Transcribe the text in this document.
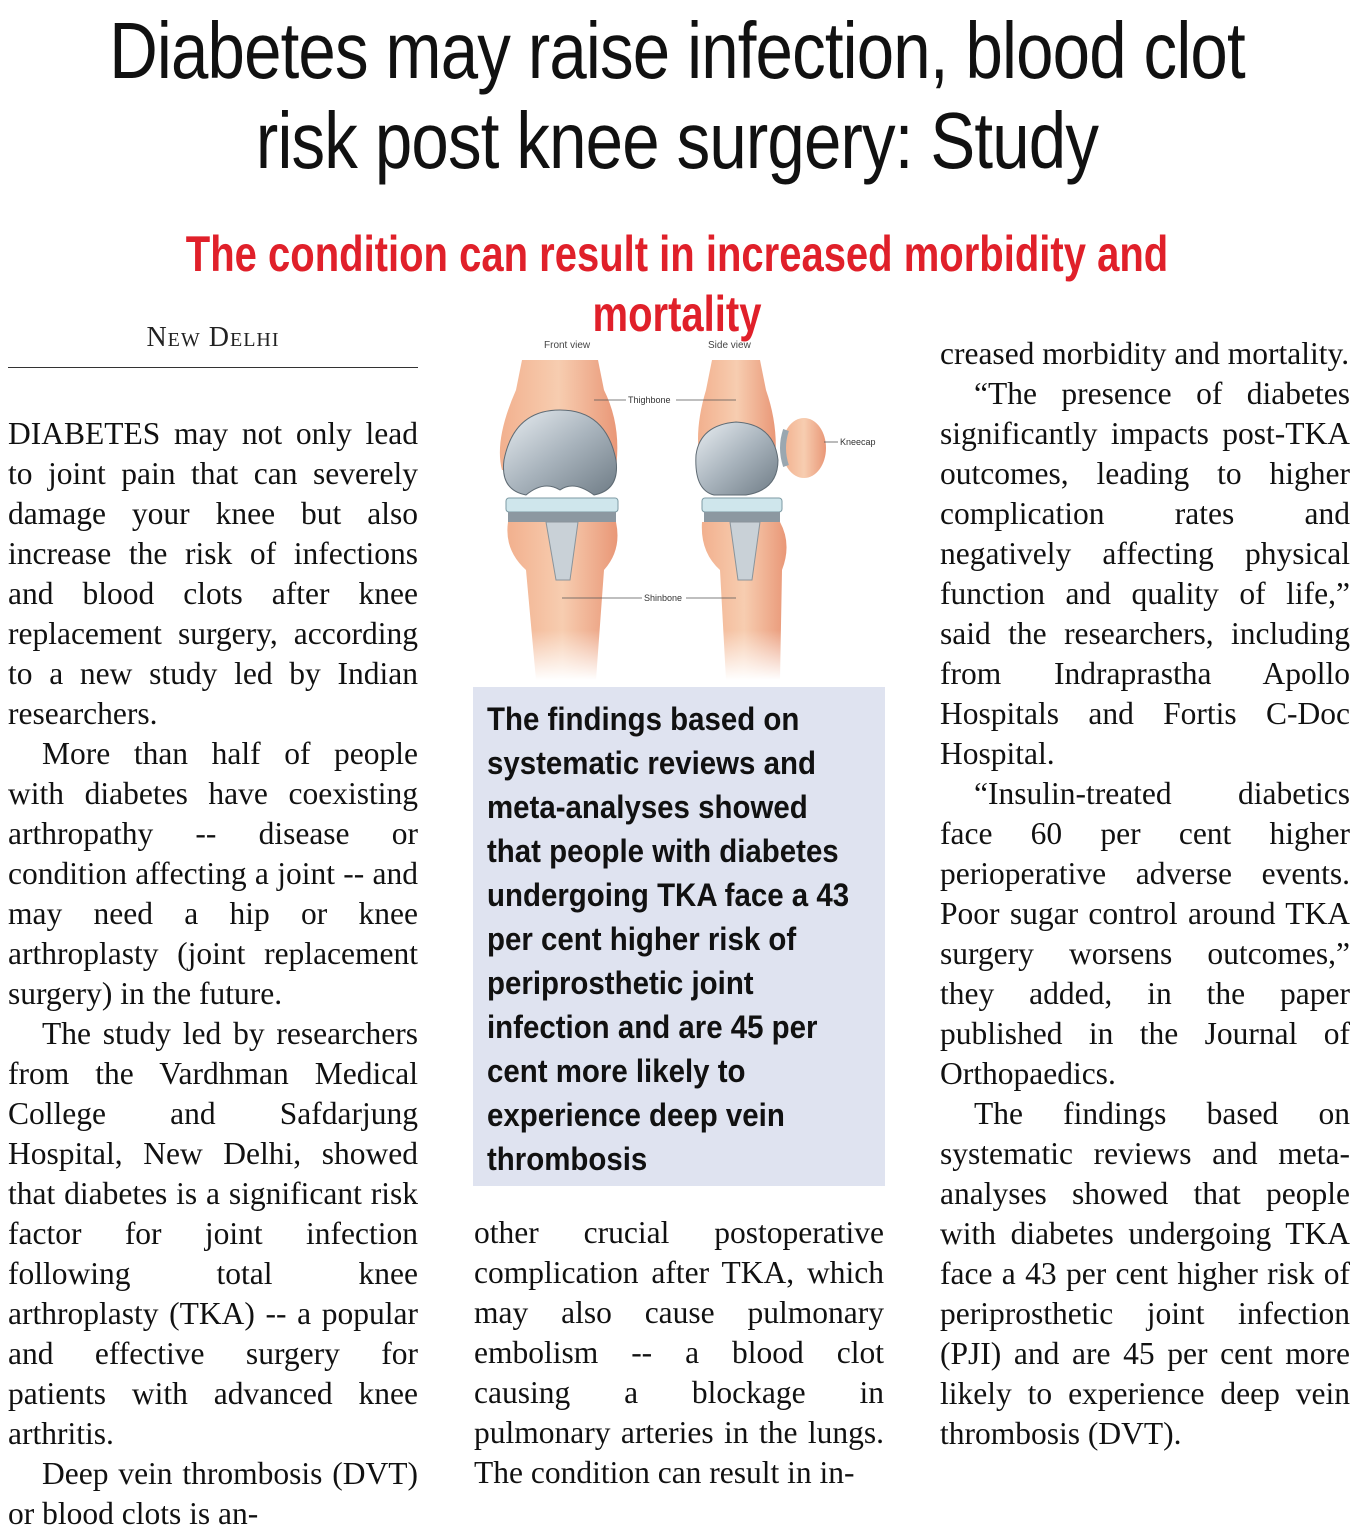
Diabetes may raise infection, blood clot risk post knee surgery: Study
The condition can result in increased morbidity and mortality
New Delhi

DIABETES may not only lead to joint pain that can severely damage your knee but also increase the risk of infections and blood clots after knee replacement surgery, according to a new study led by Indian researchers.

More than half of people with diabetes have coexisting arthropathy -- disease or condition affecting a joint -- and may need a hip or knee arthroplasty (joint replacement surgery) in the future.

The study led by researchers from the Vardhman Medical College and Safdarjung Hospital, New Delhi, showed that diabetes is a significant risk factor for joint infection following total knee arthroplasty (TKA) -- a popular and effective surgery for patients with advanced knee arthritis.

Deep vein thrombosis (DVT) or blood clots is an-

Front view	Side view
Thighbone
Kneecap
Shinbone
The findings based on systematic reviews and meta-analyses showed that people with diabetes undergoing TKA face a 43 per cent higher risk of periprosthetic joint infection and are 45 per cent more likely to experience deep vein thrombosis

other crucial postoperative complication after TKA, which may also cause pulmonary embolism -- a blood clot causing a blockage in pulmonary arteries in the lungs. The condition can result in in-

creased morbidity and mortality.

“The presence of diabetes significantly impacts post-TKA outcomes, leading to higher complication rates and negatively affecting physical function and quality of life,” said the researchers, including from Indraprastha Apollo Hospitals and Fortis C-Doc Hospital.

“Insulin-treated diabetics face 60 per cent higher perioperative adverse events. Poor sugar control around TKA surgery worsens outcomes,” they added, in the paper published in the Journal of Orthopaedics.

The findings based on systematic reviews and meta-analyses showed that people with diabetes undergoing TKA face a 43 per cent higher risk of periprosthetic joint infection (PJI) and are 45 per cent more likely to experience deep vein thrombosis (DVT).
